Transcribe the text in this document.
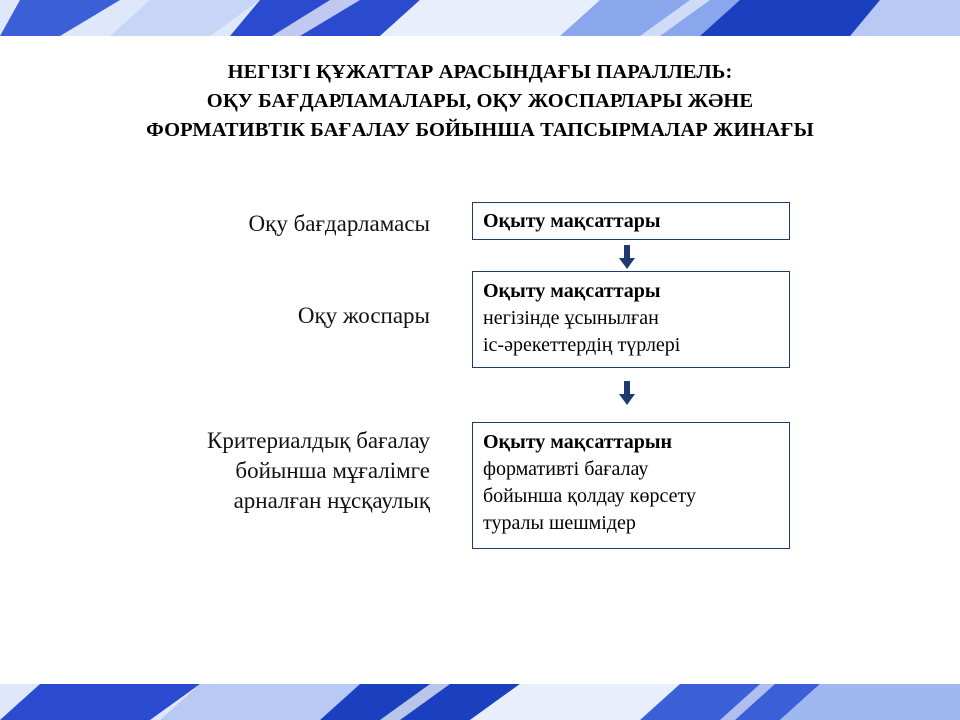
НЕГІЗГІ ҚҰЖАТТАР АРАСЫНДАҒЫ ПАРАЛЛЕЛЬ:
ОҚУ БАҒДАРЛАМАЛАРЫ, ОҚУ ЖОСПАРЛАРЫ ЖӘНЕ
ФОРМАТИВТІК БАҒАЛАУ БОЙЫНША ТАПСЫРМАЛАР ЖИНАҒЫ
Оқу бағдарламасы	Оқыту мақсаттары
Оқу жоспары
Оқыту мақсаттары
негізінде ұсынылған
іс-әрекеттердің түрлері
Критериалдық бағалау
бойынша мұғалімге
арналған нұсқаулық
Оқыту мақсаттарын
формативті бағалау
бойынша қолдау көрсету
туралы шешмідер
